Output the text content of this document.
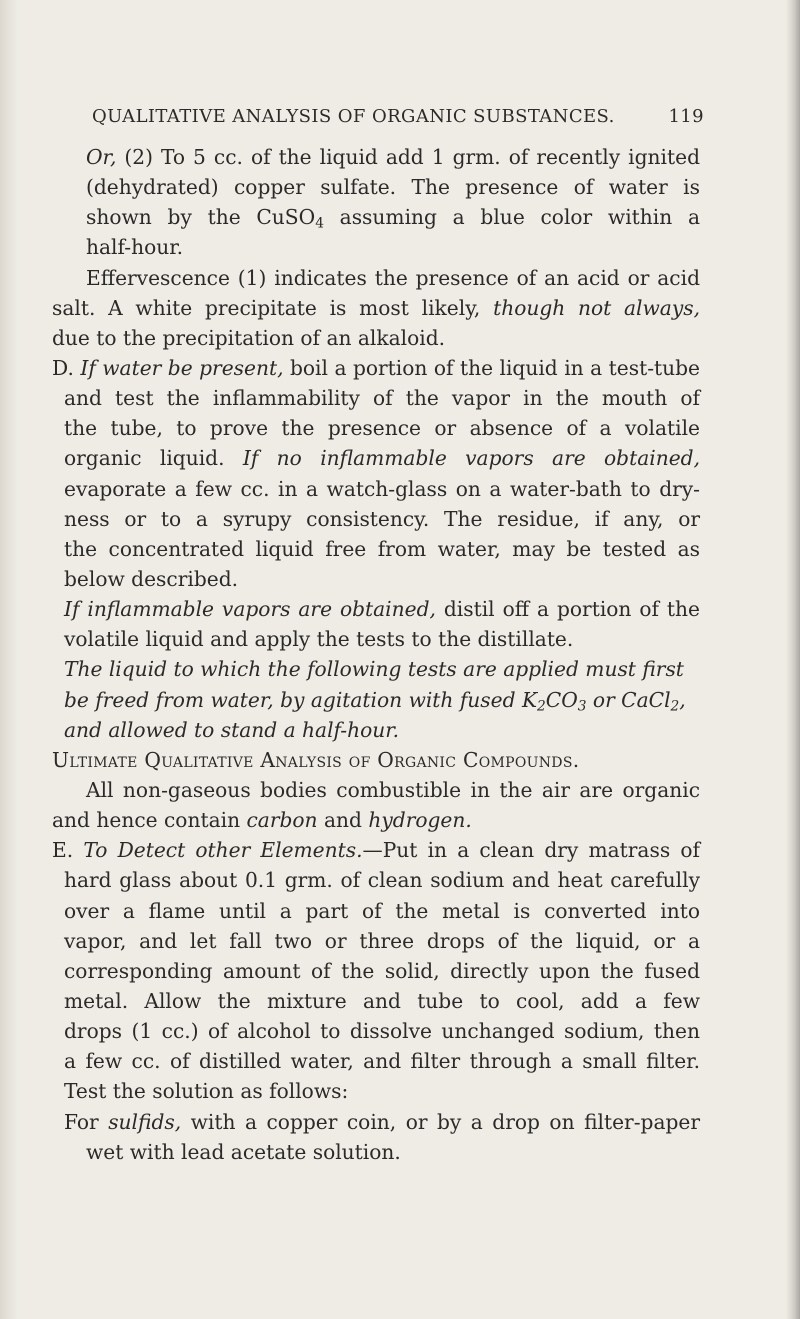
QUALITATIVE ANALYSIS OF ORGANIC SUBSTANCES.	119
Or, (2) To 5 cc. of the liquid add 1 grm. of recently ignited
(dehydrated) copper sulfate. The presence of water is
shown by the CuSO$_4$ assuming a blue color within a
half-hour.
Effervescence (1) indicates the presence of an acid or acid
salt. A white precipitate is most likely, though not always,
due to the precipitation of an alkaloid.
D. If water be present, boil a portion of the liquid in a test-tube
and test the inflammability of the vapor in the mouth of
the tube, to prove the presence or absence of a volatile
organic liquid. If no inflammable vapors are obtained,
evaporate a few cc. in a watch-glass on a water-bath to dry-
ness or to a syrupy consistency. The residue, if any, or
the concentrated liquid free from water, may be tested as
below described.
If inflammable vapors are obtained, distil off a portion of the
volatile liquid and apply the tests to the distillate.
The liquid to which the following tests are applied must first
be freed from water, by agitation with fused $K_2CO_3$ or CaCl$_2$,
and allowed to stand a half-hour.
Ultimate Qualitative Analysis of Organic Compounds.
All non-gaseous bodies combustible in the air are organic
and hence contain carbon and hydrogen.
E. To Detect other Elements.—Put in a clean dry matrass of
hard glass about 0.1 grm. of clean sodium and heat carefully
over a flame until a part of the metal is converted into
vapor, and let fall two or three drops of the liquid, or a
corresponding amount of the solid, directly upon the fused
metal. Allow the mixture and tube to cool, add a few
drops (1 cc.) of alcohol to dissolve unchanged sodium, then
a few cc. of distilled water, and filter through a small filter.
Test the solution as follows:
For sulfids, with a copper coin, or by a drop on filter-paper
wet with lead acetate solution.
